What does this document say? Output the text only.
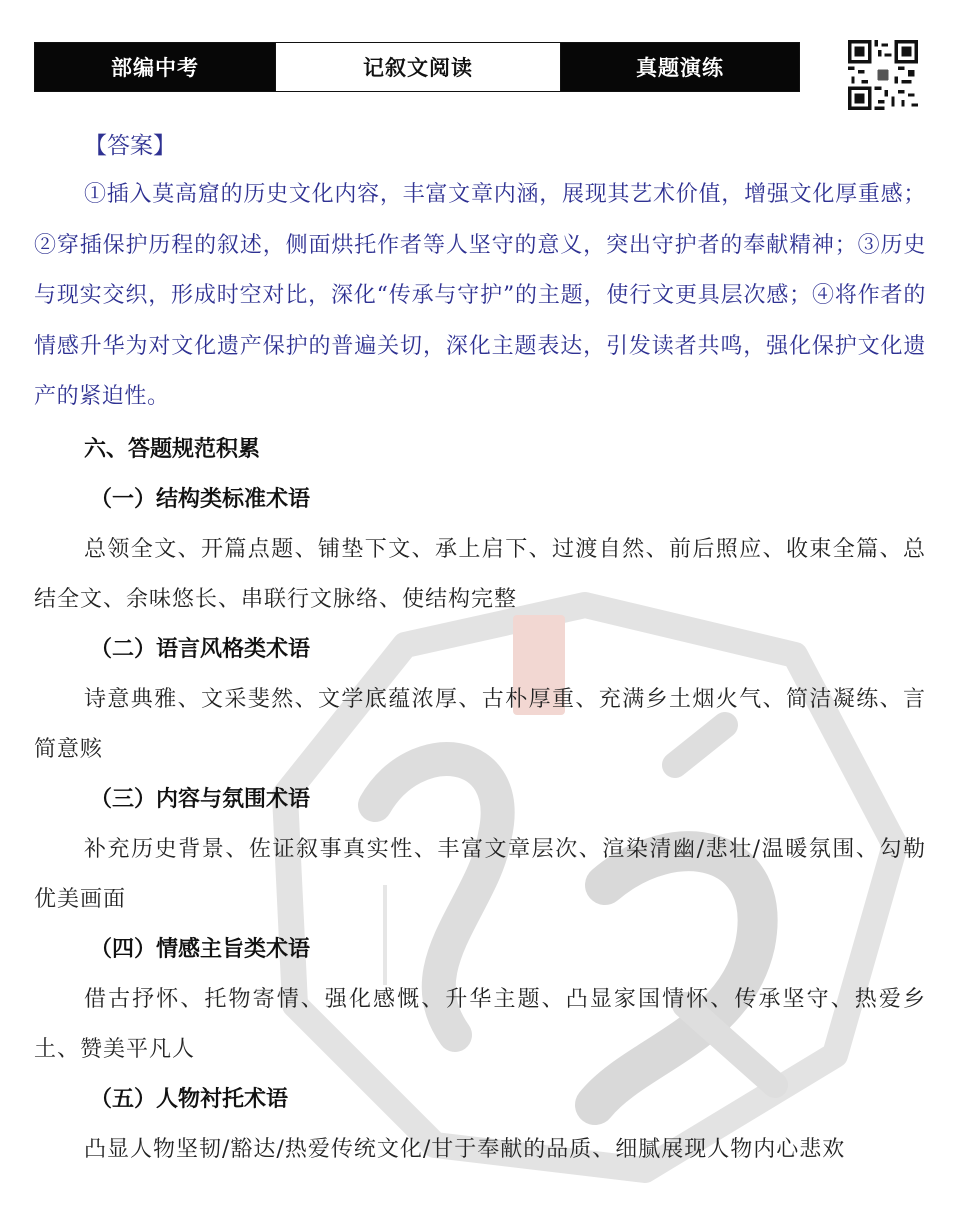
部编中考	记叙文阅读	真题演练
【答案】
①插入莫高窟的历史文化内容，丰富文章内涵，展现其艺术价值，增强文化厚重感；②穿插保护历程的叙述，侧面烘托作者等人坚守的意义，突出守护者的奉献精神；③历史与现实交织，形成时空对比，深化“传承与守护”的主题，使行文更具层次感；④将作者的情感升华为对文化遗产保护的普遍关切，深化主题表达，引发读者共鸣，强化保护文化遗产的紧迫性。
六、答题规范积累
（一）结构类标准术语
总领全文、开篇点题、铺垫下文、承上启下、过渡自然、前后照应、收束全篇、总结全文、余味悠长、串联行文脉络、使结构完整
（二）语言风格类术语
诗意典雅、文采斐然、文学底蕴浓厚、古朴厚重、充满乡土烟火气、简洁凝练、言简意赅
（三）内容与氛围术语
补充历史背景、佐证叙事真实性、丰富文章层次、渲染清幽/悲壮/温暖氛围、勾勒优美画面
（四）情感主旨类术语
借古抒怀、托物寄情、强化感慨、升华主题、凸显家国情怀、传承坚守、热爱乡土、赞美平凡人
（五）人物衬托术语
凸显人物坚韧/豁达/热爱传统文化/甘于奉献的品质、细腻展现人物内心悲欢
